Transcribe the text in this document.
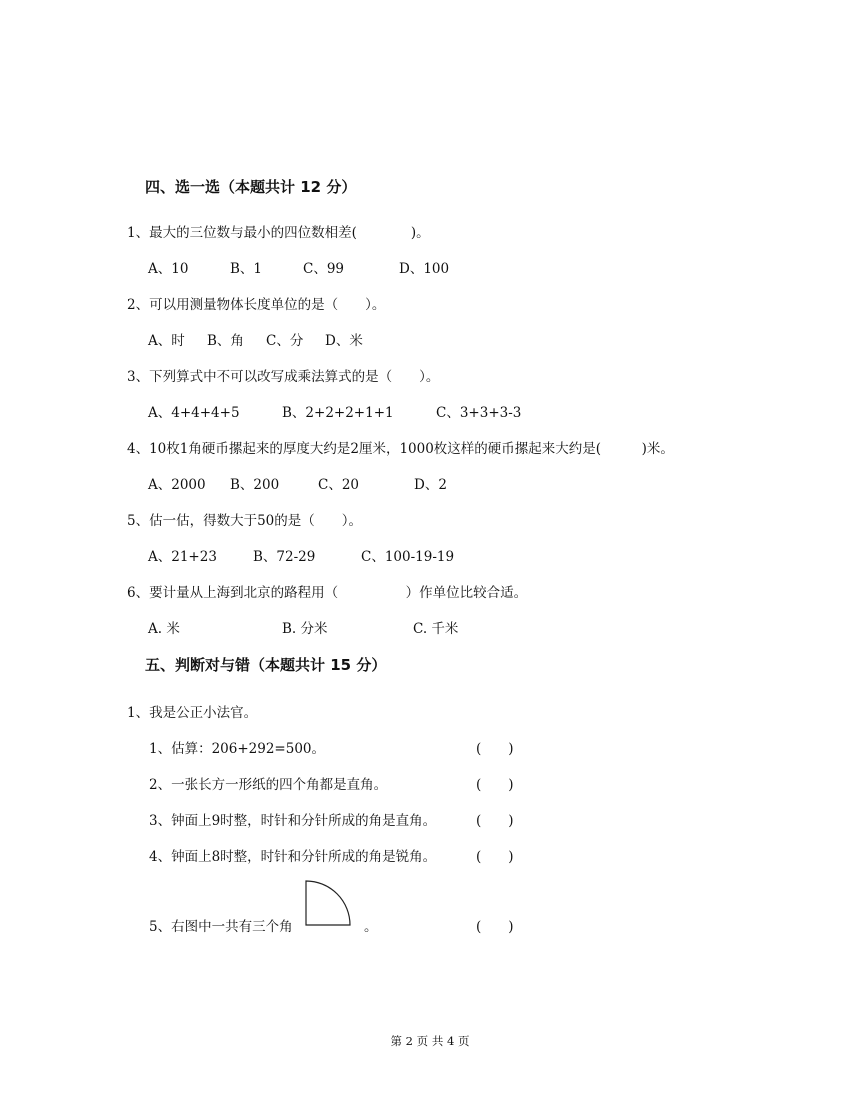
四、选一选（本题共计 12 分）
1、最大的三位数与最小的四位数相差(　　　　)。
A、10	B、1	C、99	D、100
2、可以用测量物体长度单位的是（　　）。
A、时 B、角 C、分 D、米
3、下列算式中不可以改写成乘法算式的是（　　）。
A、4+4+4+5	B、2+2+2+1+1	C、3+3+3-3
4、10枚1角硬币摞起来的厚度大约是2厘米，1000枚这样的硬币摞起来大约是(　　　)米。
A、2000 B、200	C、20	D、2
5、估一估，得数大于50的是（　　）。
A、21+23	B、72-29	C、100-19-19
6、要计量从上海到北京的路程用（　　　　　）作单位比较合适。
A. 米	B. 分米	C. 千米
五、判断对与错（本题共计 15 分）
1、我是公正小法官。
1、估算：206+292=500。	(　　)
2、一张长方一形纸的四个角都是直角。	(　　)
3、钟面上9时整，时针和分针所成的角是直角。	(　　)
4、钟面上8时整，时针和分针所成的角是锐角。	(　　)
5、右图中一共有三个角	。	(　　)
第 2 页 共 4 页
